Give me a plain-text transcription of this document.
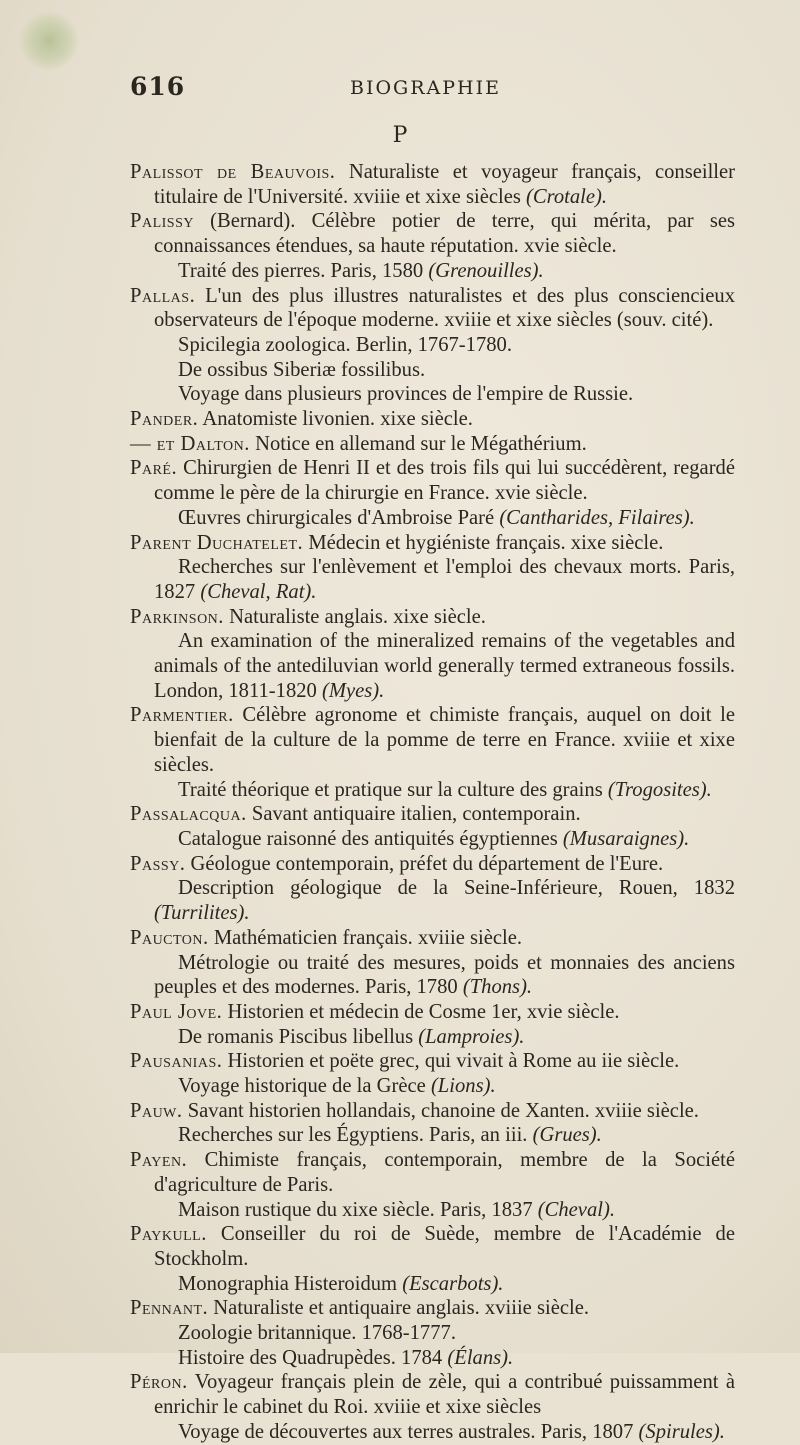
616	BIOGRAPHIE
P

Palissot de Beauvois. Naturaliste et voyageur français, conseiller titulaire de l'Université. xviiie et xixe siècles (Crotale).

Palissy (Bernard). Célèbre potier de terre, qui mérita, par ses connaissances étendues, sa haute réputation. xvie siècle.

Traité des pierres. Paris, 1580 (Grenouilles).

Pallas. L'un des plus illustres naturalistes et des plus consciencieux observateurs de l'époque moderne. xviiie et xixe siècles (souv. cité).

Spicilegia zoologica. Berlin, 1767-1780.

De ossibus Siberiæ fossilibus.

Voyage dans plusieurs provinces de l'empire de Russie.

Pander. Anatomiste livonien. xixe siècle.

— et Dalton. Notice en allemand sur le Mégathérium.

Paré. Chirurgien de Henri II et des trois fils qui lui succédèrent, regardé comme le père de la chirurgie en France. xvie siècle.

Œuvres chirurgicales d'Ambroise Paré (Cantharides, Filaires).

Parent Duchatelet. Médecin et hygiéniste français. xixe siècle.

Recherches sur l'enlèvement et l'emploi des chevaux morts. Paris, 1827 (Cheval, Rat).

Parkinson. Naturaliste anglais. xixe siècle.

An examination of the mineralized remains of the vegetables and animals of the antediluvian world generally termed extraneous fossils. London, 1811-1820 (Myes).

Parmentier. Célèbre agronome et chimiste français, auquel on doit le bienfait de la culture de la pomme de terre en France. xviiie et xixe siècles.

Traité théorique et pratique sur la culture des grains (Trogosites).

Passalacqua. Savant antiquaire italien, contemporain.

Catalogue raisonné des antiquités égyptiennes (Musaraignes).

Passy. Géologue contemporain, préfet du département de l'Eure.

Description géologique de la Seine-Inférieure, Rouen, 1832 (Turrilites).

Paucton. Mathématicien français. xviiie siècle.

Métrologie ou traité des mesures, poids et monnaies des anciens peuples et des modernes. Paris, 1780 (Thons).

Paul Jove. Historien et médecin de Cosme 1er, xvie siècle.

De romanis Piscibus libellus (Lamproies).

Pausanias. Historien et poëte grec, qui vivait à Rome au iie siècle.

Voyage historique de la Grèce (Lions).

Pauw. Savant historien hollandais, chanoine de Xanten. xviiie siècle.

Recherches sur les Égyptiens. Paris, an iii. (Grues).

Payen. Chimiste français, contemporain, membre de la Société d'agriculture de Paris.

Maison rustique du xixe siècle. Paris, 1837 (Cheval).

Paykull. Conseiller du roi de Suède, membre de l'Académie de Stockholm.

Monographia Histeroidum (Escarbots).

Pennant. Naturaliste et antiquaire anglais. xviiie siècle.

Zoologie britannique. 1768-1777.

Histoire des Quadrupèdes. 1784 (Élans).

Péron. Voyageur français plein de zèle, qui a contribué puissamment à enrichir le cabinet du Roi. xviiie et xixe siècles

Voyage de découvertes aux terres australes. Paris, 1807 (Spirules).
